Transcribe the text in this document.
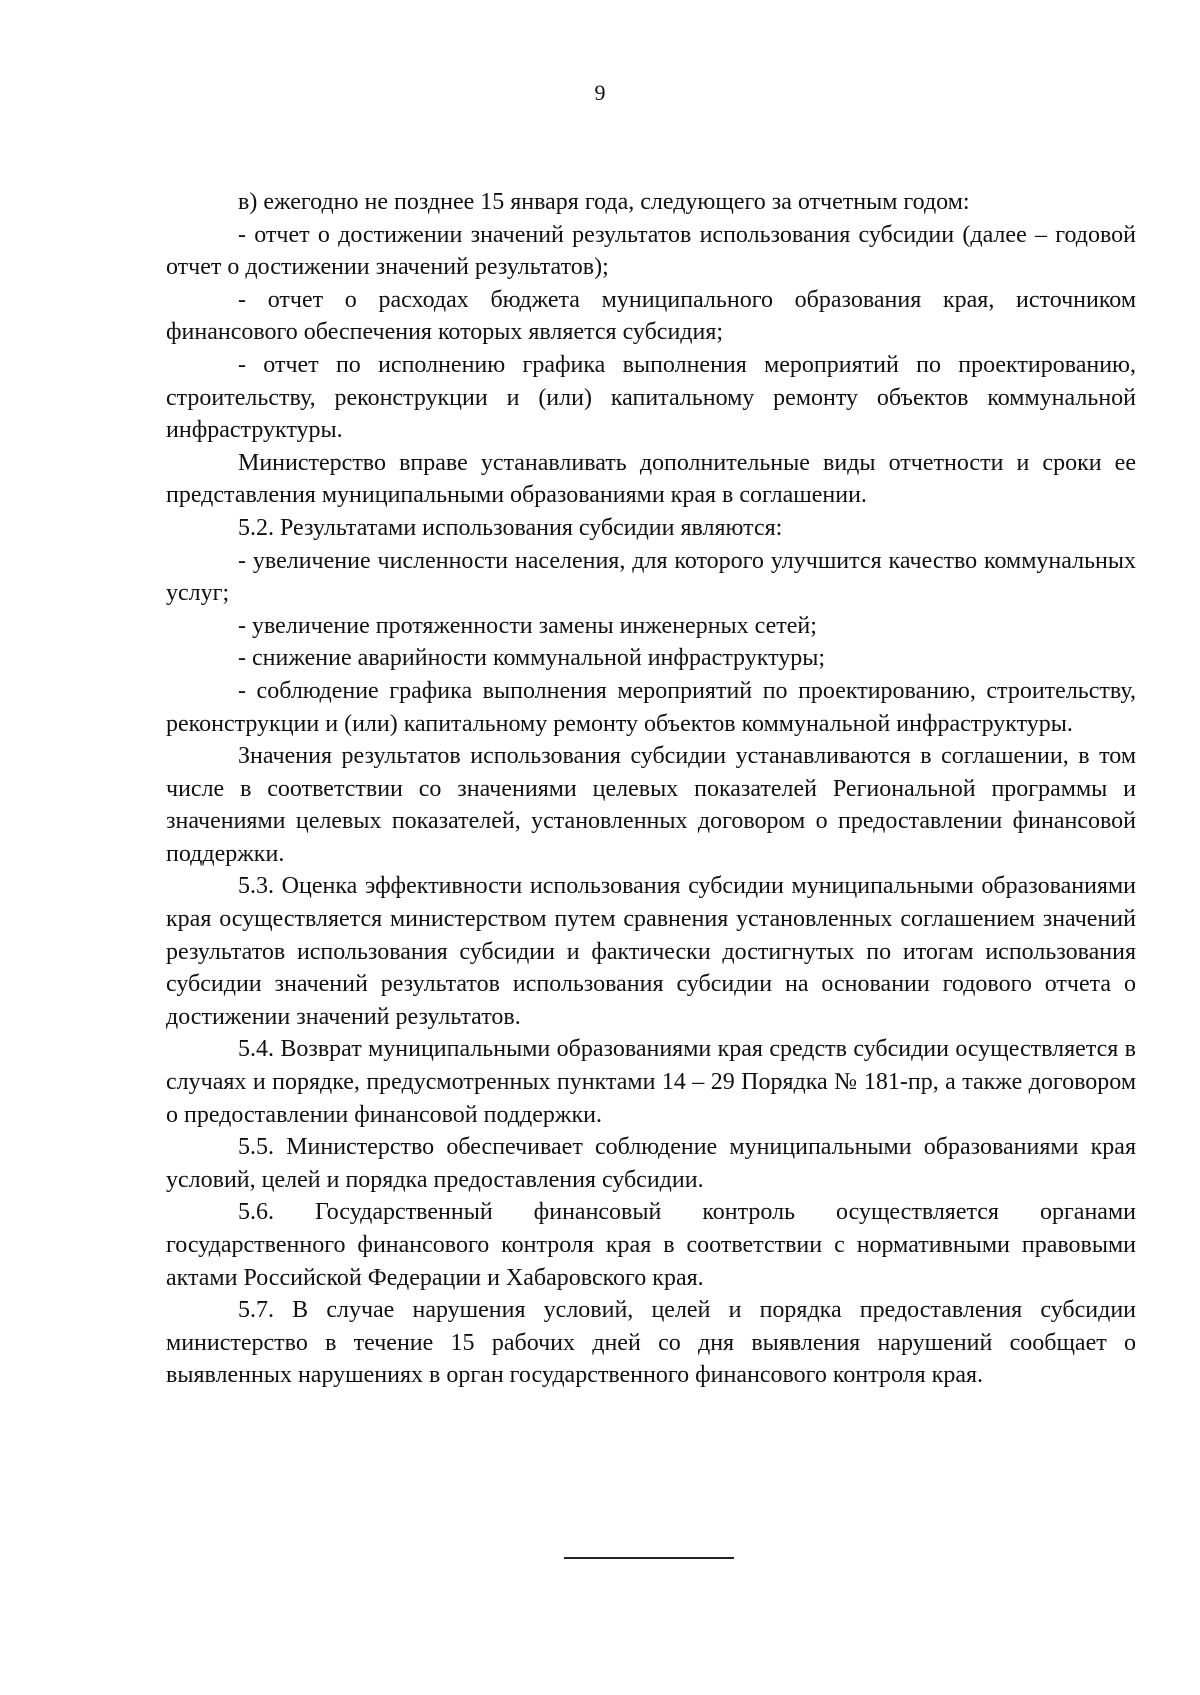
9

в) ежегодно не позднее 15 января года, следующего за отчетным годом:

- отчет о достижении значений результатов использования субсидии (далее – годовой отчет о достижении значений результатов);

- отчет о расходах бюджета муниципального образования края, источником финансового обеспечения которых является субсидия;

- отчет по исполнению графика выполнения мероприятий по проектированию, строительству, реконструкции и (или) капитальному ремонту объектов коммунальной инфраструктуры.

Министерство вправе устанавливать дополнительные виды отчетности и сроки ее представления муниципальными образованиями края в соглашении.

5.2. Результатами использования субсидии являются:

- увеличение численности населения, для которого улучшится качество коммунальных услуг;

- увеличение протяженности замены инженерных сетей;

- снижение аварийности коммунальной инфраструктуры;

- соблюдение графика выполнения мероприятий по проектированию, строительству, реконструкции и (или) капитальному ремонту объектов коммунальной инфраструктуры.

Значения результатов использования субсидии устанавливаются в соглашении, в том числе в соответствии со значениями целевых показателей Региональной программы и значениями целевых показателей, установленных договором о предоставлении финансовой поддержки.

5.3. Оценка эффективности использования субсидии муниципальными образованиями края осуществляется министерством путем сравнения установленных соглашением значений результатов использования субсидии и фактически достигнутых по итогам использования субсидии значений результатов использования субсидии на основании годового отчета о достижении значений результатов.

5.4. Возврат муниципальными образованиями края средств субсидии осуществляется в случаях и порядке, предусмотренных пунктами 14 – 29 Порядка № 181-пр, а также договором о предоставлении финансовой поддержки.

5.5. Министерство обеспечивает соблюдение муниципальными образованиями края условий, целей и порядка предоставления субсидии.

5.6. Государственный финансовый контроль осуществляется органами государственного финансового контроля края в соответствии с нормативными правовыми актами Российской Федерации и Хабаровского края.

5.7. В случае нарушения условий, целей и порядка предоставления субсидии министерство в течение 15 рабочих дней со дня выявления нарушений сообщает о выявленных нарушениях в орган государственного финансового контроля края.
